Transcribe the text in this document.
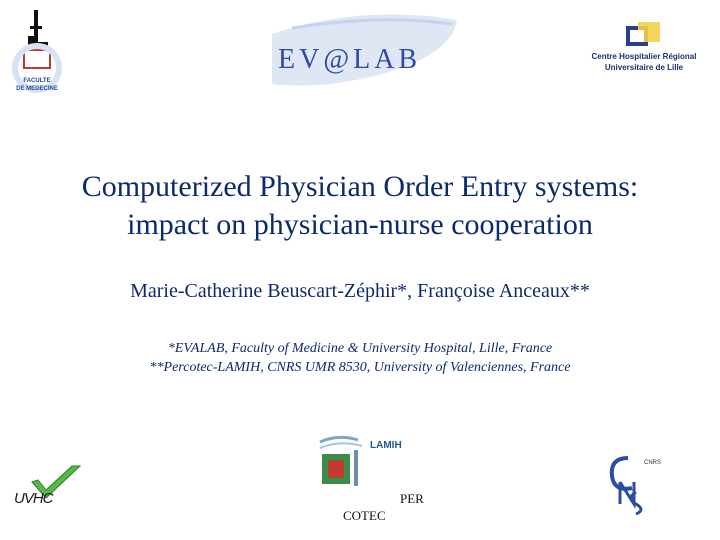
FACULTE
DE MEDECINE
EV@LAB	Centre Hospitalier Régional

Universitaire de Lille

Computerized Physician Order Entry systems:
impact on physician-nurse cooperation

Marie-Catherine Beuscart-Zéphir*, Françoise Anceaux**

*EVALAB, Faculty of Medicine & University Hospital, Lille, France
**Percotec-LAMIH, CNRS UMR 8530, University of Valenciennes, France
UVHC
LAMIH

PER

COTEC

CNRS
